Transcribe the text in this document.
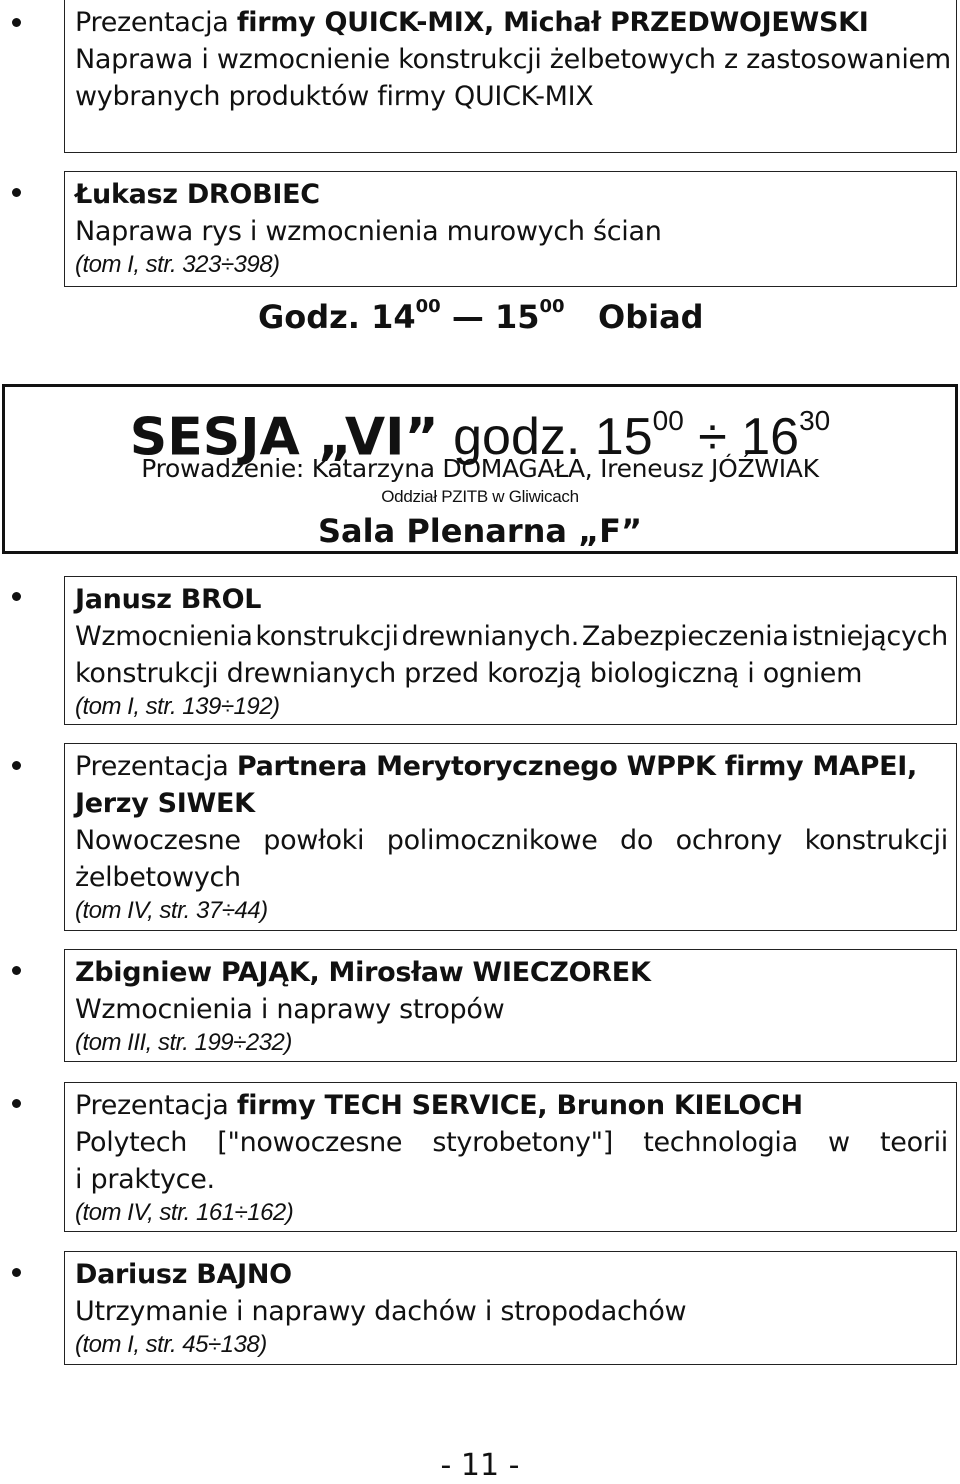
Prezentacja firmy QUICK-MIX, Michał PRZEDWOJEWSKI
Naprawa i wzmocnienie konstrukcji żelbetowych z zastosowaniem
wybranych produktów firmy QUICK-MIX
Łukasz DROBIEC
Naprawa rys i wzmocnienia murowych ścian
(tom I, str. 323÷398)
Godz. $14^{00}$ — $15^{00}$ Obiad
SESJA „VI” godz. $15^{00} \div 16^{30}$
Prowadzenie: Katarzyna DOMAGAŁA, Ireneusz JÓŹWIAK
Oddział PZITB w Gliwicach
Sala Plenarna „F”
Janusz BROL
Wzmocnienia konstrukcji drewnianych. Zabezpieczenia istniejących
konstrukcji drewnianych przed korozją biologiczną i ogniem
(tom I, str. 139÷192)
Prezentacja Partnera Merytorycznego WPPK firmy MAPEI,
Jerzy SIWEK
Nowoczesne powłoki polimocznikowe do ochrony konstrukcji
żelbetowych
(tom IV, str. 37÷44)
Zbigniew PAJĄK, Mirosław WIECZOREK
Wzmocnienia i naprawy stropów
(tom III, str. 199÷232)
Prezentacja firmy TECH SERVICE, Brunon KIELOCH
Polytech ["nowoczesne styrobetony"] technologia w teorii
i praktyce.
(tom IV, str. 161÷162)
Dariusz BAJNO
Utrzymanie i naprawy dachów i stropodachów
(tom I, str. 45÷138)
- 11 -
